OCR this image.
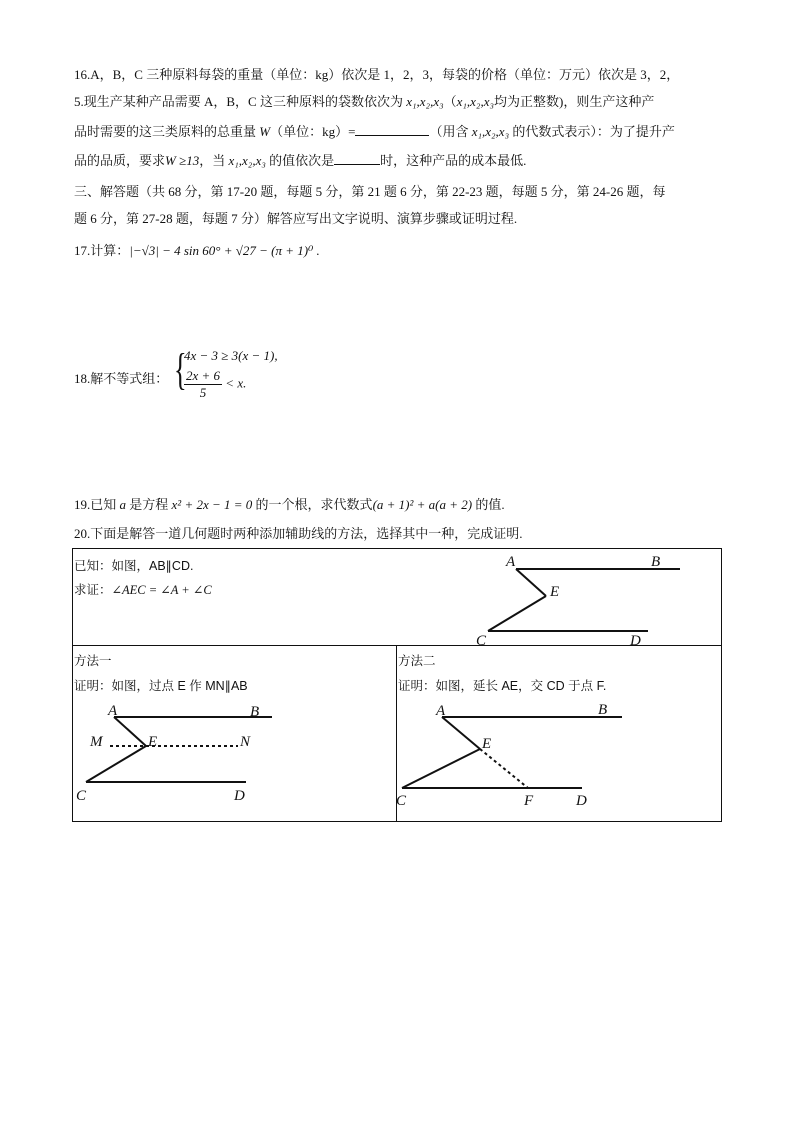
16.A，B，C 三种原料每袋的重量（单位：kg）依次是 1，2，3，每袋的价格（单位：万元）依次是 3，2，
5.现生产某种产品需要 A，B，C 这三种原料的袋数依次为 x₁,x₂,x₃（x₁,x₂,x₃均为正整数)，则生产这种产
品时需要的这三类原料的总重量 W（单位：kg）=	（用含 x₁,x₂,x₃ 的代数式表示）：为了提升产
品的品质，要求W ≥13，当 x₁,x₂,x₃ 的值依次是	时，这种产品的成本最低.
三、解答题（共 68 分，第 17-20 题，每题 5 分，第 21 题 6 分，第 22-23 题，每题 5 分，第 24-26 题，每
题 6 分，第 27-28 题，每题 7 分）解答应写出文字说明、演算步骤或证明过程.
17.计算：|−√3| − 4 sin 60° + √27 − (π + 1)⁰ .
18.解不等式组： {
4x − 3 ≥ 3(x − 1),
$\frac{2x + 6}{5} < x$.
19.已知 a 是方程 x² + 2x − 1 = 0 的一个根，求代数式(a + 1)² + a(a + 2) 的值.
20.下面是解答一道几何题时两种添加辅助线的方法，选择其中一种，完成证明.
已知：如图，AB∥CD.
求证：∠AEC = ∠A + ∠C
A	B
E
C	D
方法一
证明：如图，过点 E 作 MN∥AB
A	B
M	E	N
C	D
方法二
证明：如图，延长 AE，交 CD 于点 F.
A	B
E
C	F	D
